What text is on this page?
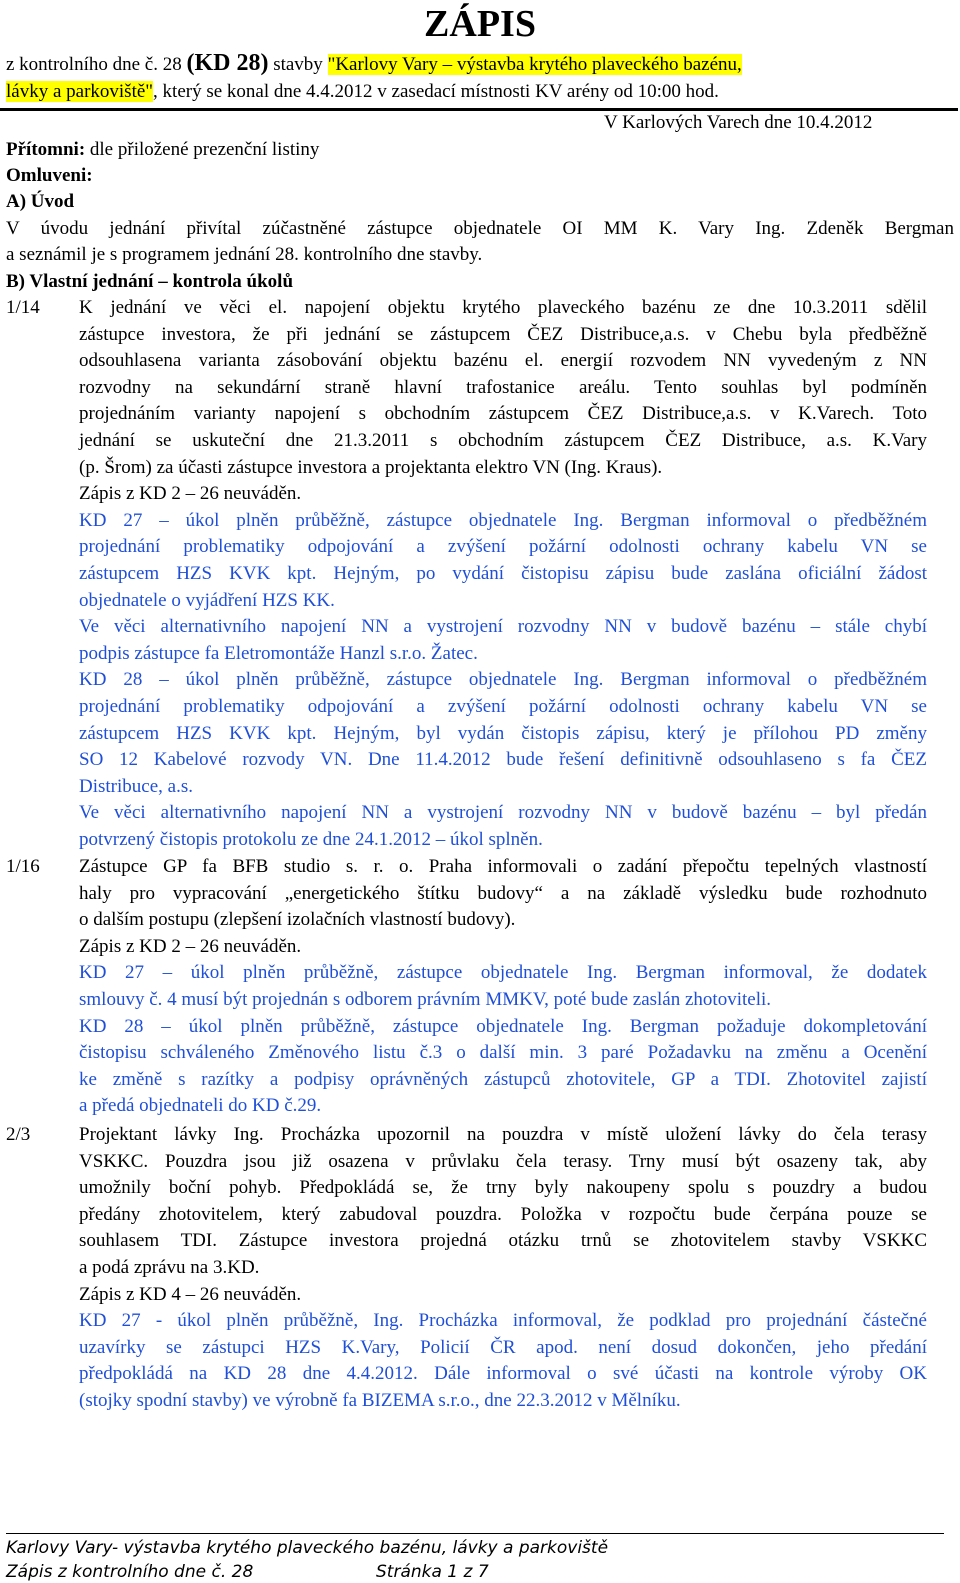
ZÁPIS
z kontrolního dne č. 28 (KD 28) stavby "Karlovy Vary – výstavba krytého plaveckého bazénu,
lávky a parkoviště", který se konal dne 4.4.2012 v zasedací místnosti KV arény od 10:00 hod.
V Karlových Varech dne 10.4.2012
Přítomni: dle přiložené prezenční listiny
Omluveni:
A) Úvod
V úvodu jednání přivítal zúčastněné zástupce objednatele OI MM K. Vary Ing. Zdeněk Bergman
a seznámil je s programem jednání 28. kontrolního dne stavby.
B) Vlastní jednání – kontrola úkolů
1/14 K jednání ve věci el. napojení objektu krytého plaveckého bazénu ze dne 10.3.2011 sdělil
zástupce investora, že při jednání se zástupcem ČEZ Distribuce,a.s. v Chebu byla předběžně
odsouhlasena varianta zásobování objektu bazénu el. energií rozvodem NN vyvedeným z NN
rozvodny na sekundární straně hlavní trafostanice areálu. Tento souhlas byl podmíněn
projednáním varianty napojení s obchodním zástupcem ČEZ Distribuce,a.s. v K.Varech. Toto
jednání se uskuteční dne 21.3.2011 s obchodním zástupcem ČEZ Distribuce, a.s. K.Vary
(p. Šrom) za účasti zástupce investora a projektanta elektro VN (Ing. Kraus).
Zápis z KD 2 – 26 neuváděn.
KD 27 – úkol plněn průběžně, zástupce objednatele Ing. Bergman informoval o předběžném
projednání problematiky odpojování a zvýšení požární odolnosti ochrany kabelu VN se
zástupcem HZS KVK kpt. Hejným, po vydání čistopisu zápisu bude zaslána oficiální žádost
objednatele o vyjádření HZS KK.
Ve věci alternativního napojení NN a vystrojení rozvodny NN v budově bazénu – stále chybí
podpis zástupce fa Eletromontáže Hanzl s.r.o. Žatec.
KD 28 – úkol plněn průběžně, zástupce objednatele Ing. Bergman informoval o předběžném
projednání problematiky odpojování a zvýšení požární odolnosti ochrany kabelu VN se
zástupcem HZS KVK kpt. Hejným, byl vydán čistopis zápisu, který je přílohou PD změny
SO 12 Kabelové rozvody VN. Dne 11.4.2012 bude řešení definitivně odsouhlaseno s fa ČEZ
Distribuce, a.s.
Ve věci alternativního napojení NN a vystrojení rozvodny NN v budově bazénu – byl předán
potvrzený čistopis protokolu ze dne 24.1.2012 – úkol splněn.
1/16 Zástupce GP fa BFB studio s. r. o. Praha informovali o zadání přepočtu tepelných vlastností
haly pro vypracování „energetického štítku budovy“ a na základě výsledku bude rozhodnuto
o dalším postupu (zlepšení izolačních vlastností budovy).
Zápis z KD 2 – 26 neuváděn.
KD 27 – úkol plněn průběžně, zástupce objednatele Ing. Bergman informoval, že dodatek
smlouvy č. 4 musí být projednán s odborem právním MMKV, poté bude zaslán zhotoviteli.
KD 28 – úkol plněn průběžně, zástupce objednatele Ing. Bergman požaduje dokompletování
čistopisu schváleného Změnového listu č.3 o další min. 3 paré Požadavku na změnu a Ocenění
ke změně s razítky a podpisy oprávněných zástupců zhotovitele, GP a TDI. Zhotovitel zajistí
a předá objednateli do KD č.29.
2/3	Projektant lávky Ing. Procházka upozornil na pouzdra v místě uložení lávky do čela terasy
VSKKC. Pouzdra jsou již osazena v průvlaku čela terasy. Trny musí být osazeny tak, aby
umožnily boční pohyb. Předpokládá se, že trny byly nakoupeny spolu s pouzdry a budou
předány zhotovitelem, který zabudoval pouzdra. Položka v rozpočtu bude čerpána pouze se
souhlasem TDI. Zástupce investora projedná otázku trnů se zhotovitelem stavby VSKKC
a podá zprávu na 3.KD.
Zápis z KD 4 – 26 neuváděn.
KD 27 - úkol plněn průběžně, Ing. Procházka informoval, že podklad pro projednání částečné
uzavírky se zástupci HZS K.Vary, Policií ČR apod. není dosud dokončen, jeho předání
předpokládá na KD 28 dne 4.4.2012. Dále informoval o své účasti na kontrole výroby OK
(stojky spodní stavby) ve výrobně fa BIZEMA s.r.o., dne 22.3.2012 v Mělníku.
Karlovy Vary- výstavba krytého plaveckého bazénu, lávky a parkoviště
Zápis z kontrolního dne č. 28	Stránka 1 z 7
